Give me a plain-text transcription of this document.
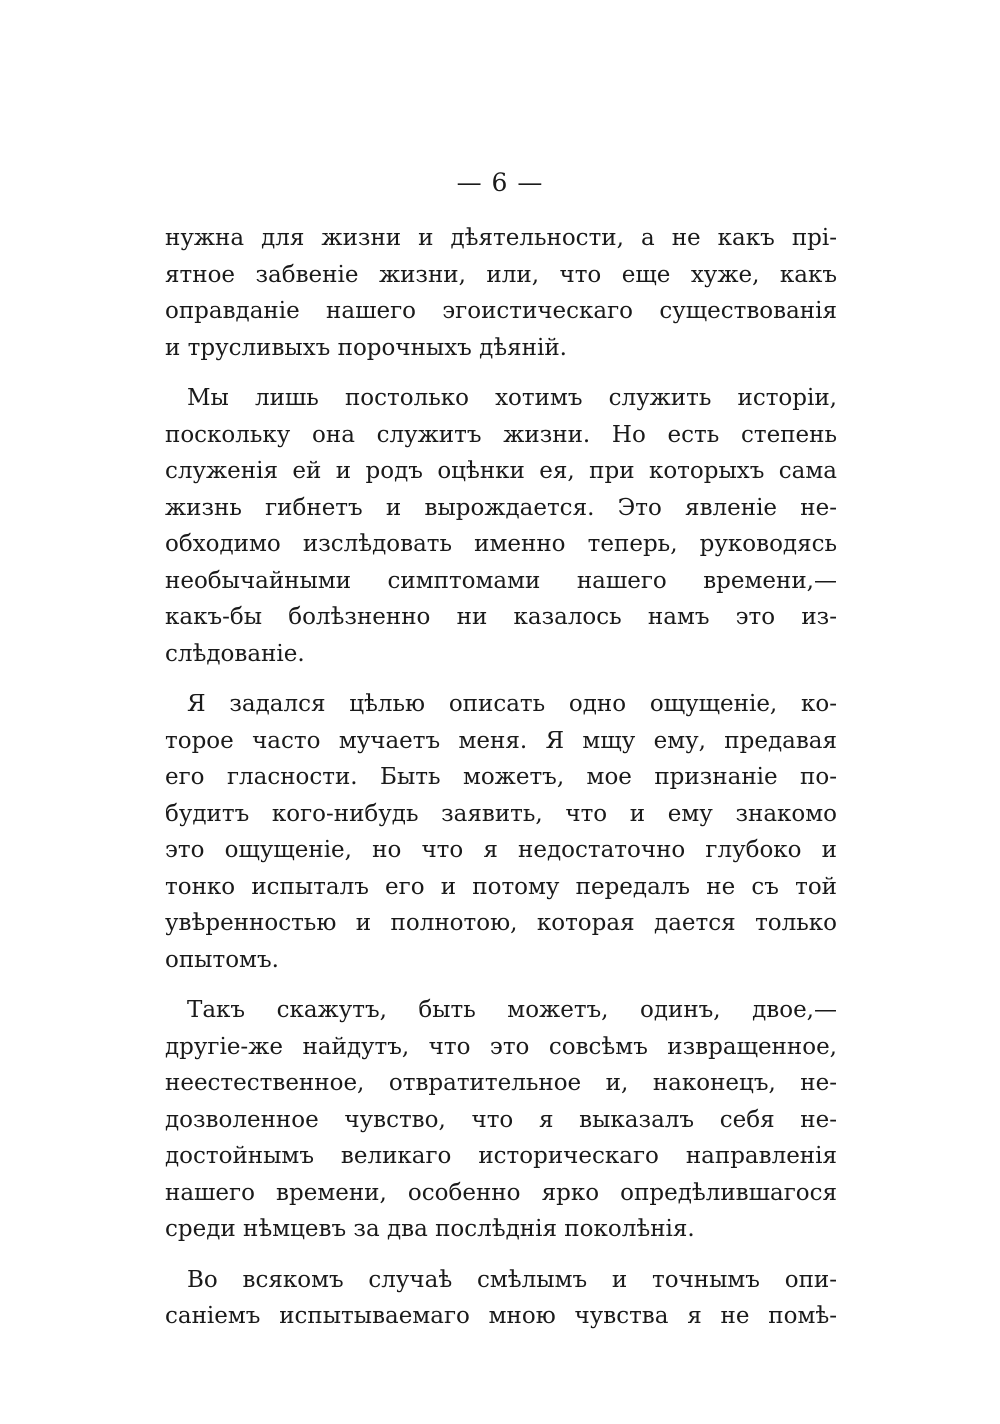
— 6 —
нужна для жизни и дѣятельности, а не какъ прі-
ятное забвеніе жизни, или, что еще хуже, какъ
оправданіе нашего эгоистическаго существованія
и трусливыхъ порочныхъ дѣяній.
Мы лишь постолько хотимъ служить исторіи,
поскольку она служитъ жизни. Но есть степень
служенія ей и родъ оцѣнки ея, при которыхъ сама
жизнь гибнетъ и вырождается. Это явленіе не-
обходимо изслѣдовать именно теперь, руководясь
необычайными симптомами нашего времени,—
какъ-бы болѣзненно ни казалось намъ это из-
слѣдованіе.
Я задался цѣлью описать одно ощущеніе, ко-
торое часто мучаетъ меня. Я мщу ему, предавая
его гласности. Быть можетъ, мое признаніе по-
будитъ кого-нибудь заявить, что и ему знакомо
это ощущеніе, но что я недостаточно глубоко и
тонко испыталъ его и потому передалъ не съ той
увѣренностью и полнотою, которая дается только
опытомъ.
Такъ скажутъ, быть можетъ, одинъ, двое,—
другіе-же найдутъ, что это совсѣмъ извращенное,
неестественное, отвратительное и, наконецъ, не-
дозволенное чувство, что я выказалъ себя не-
достойнымъ великаго историческаго направленія
нашего времени, особенно ярко опредѣлившагося
среди нѣмцевъ за два послѣднія поколѣнія.
Во всякомъ случаѣ смѣлымъ и точнымъ опи-
саніемъ испытываемаго мною чувства я не помѣ-
